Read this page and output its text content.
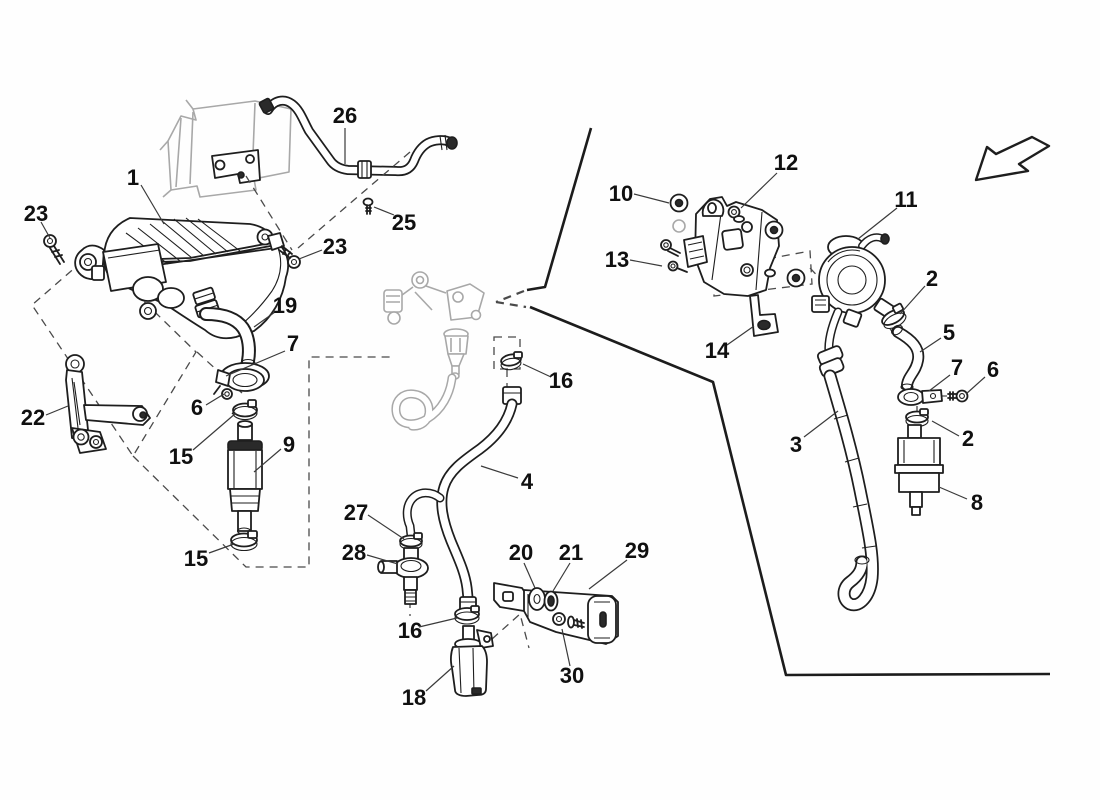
1
23
26
25
23
19
7
6
15	9
15
22
27
28
16
18
20 21 29
30
4
16
10
12
13
11
14
2
5
7 6
2
8
3
